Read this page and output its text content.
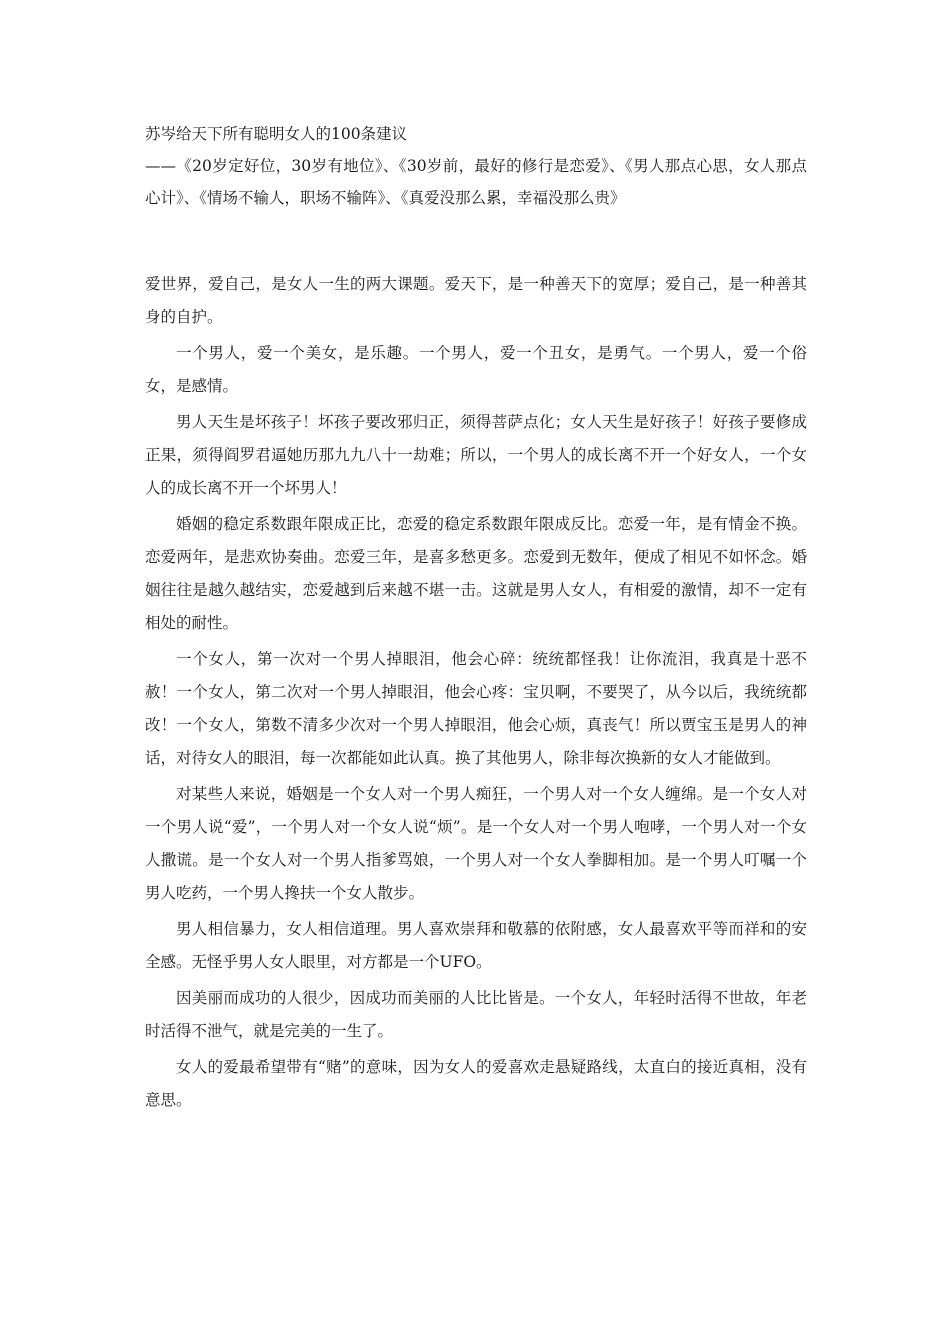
苏岑给天下所有聪明女人的100条建议

——《20岁定好位，30岁有地位》、《30岁前，最好的修行是恋爱》、《男人那点心思，女人那点心计》、《情场不输人，职场不输阵》、《真爱没那么累，幸福没那么贵》

爱世界，爱自己，是女人一生的两大课题。爱天下，是一种善天下的宽厚；爱自己，是一种善其身的自护。

一个男人，爱一个美女，是乐趣。一个男人，爱一个丑女，是勇气。一个男人，爱一个俗女，是感情。

男人天生是坏孩子！坏孩子要改邪归正，须得菩萨点化；女人天生是好孩子！好孩子要修成正果，须得阎罗君逼她历那九九八十一劫难；所以，一个男人的成长离不开一个好女人，一个女人的成长离不开一个坏男人！

婚姻的稳定系数跟年限成正比，恋爱的稳定系数跟年限成反比。恋爱一年，是有情金不换。恋爱两年，是悲欢协奏曲。恋爱三年，是喜多愁更多。恋爱到无数年，便成了相见不如怀念。婚姻往往是越久越结实，恋爱越到后来越不堪一击。这就是男人女人，有相爱的激情，却不一定有相处的耐性。

一个女人，第一次对一个男人掉眼泪，他会心碎：统统都怪我！让你流泪，我真是十恶不赦！一个女人，第二次对一个男人掉眼泪，他会心疼：宝贝啊，不要哭了，从今以后，我统统都改！一个女人，第数不清多少次对一个男人掉眼泪，他会心烦，真丧气！所以贾宝玉是男人的神话，对待女人的眼泪，每一次都能如此认真。换了其他男人，除非每次换新的女人才能做到。

对某些人来说，婚姻是一个女人对一个男人痴狂，一个男人对一个女人缠绵。是一个女人对一个男人说“爱”，一个男人对一个女人说“烦”。是一个女人对一个男人咆哮，一个男人对一个女人撒谎。是一个女人对一个男人指爹骂娘，一个男人对一个女人拳脚相加。是一个男人叮嘱一个男人吃药，一个男人搀扶一个女人散步。

男人相信暴力，女人相信道理。男人喜欢崇拜和敬慕的依附感，女人最喜欢平等而祥和的安全感。无怪乎男人女人眼里，对方都是一个UFO。

因美丽而成功的人很少，因成功而美丽的人比比皆是。一个女人，年轻时活得不世故，年老时活得不泄气，就是完美的一生了。

女人的爱最希望带有“赌”的意味，因为女人的爱喜欢走悬疑路线，太直白的接近真相，没有意思。
